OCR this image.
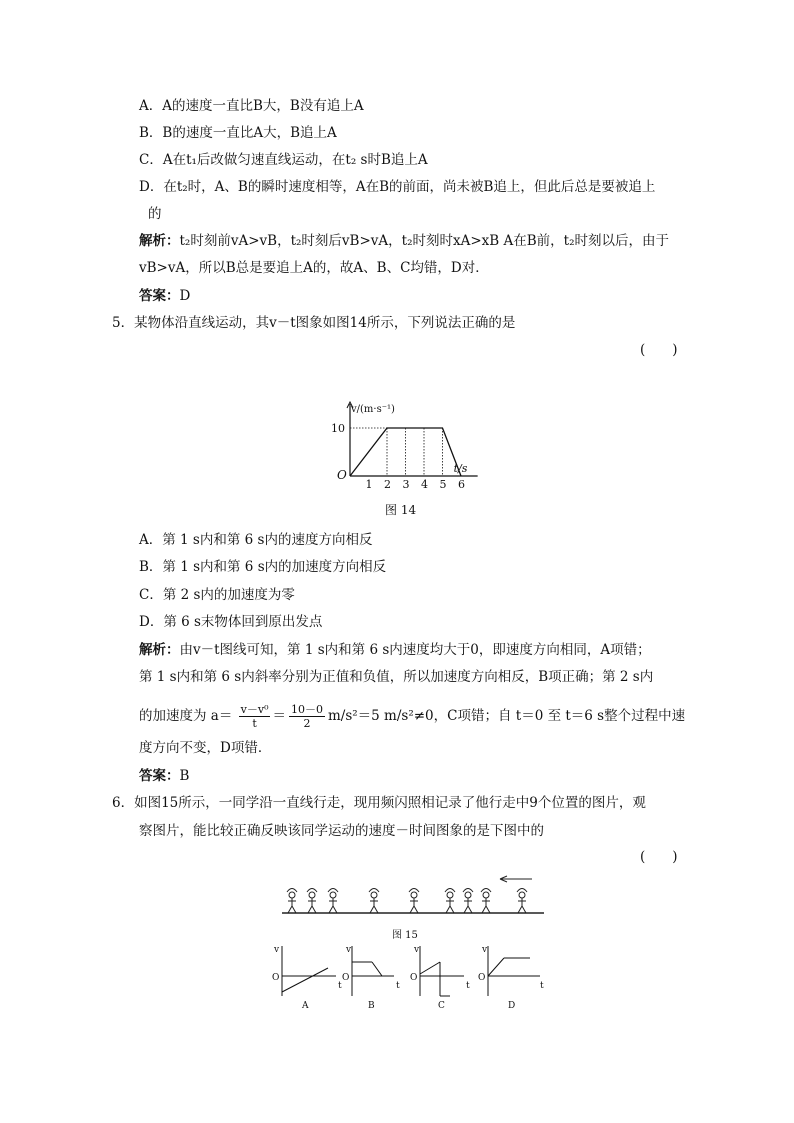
A．A的速度一直比B大，B没有追上A
B．B的速度一直比A大，B追上A
C．A在t₁后改做匀速直线运动，在t₂ s时B追上A
D．在t₂时，A、B的瞬时速度相等，A在B的前面，尚未被B追上，但此后总是要被追上
的
解析：t₂时刻前vA>vB，t₂时刻后vB>vA，t₂时刻时xA>xB A在B前，t₂时刻以后，由于
vB>vA，所以B总是要追上A的，故A、B、C均错，D对．
答案：D
5．某物体沿直线运动，其v－t图象如图14所示，下列说法正确的是
(　　)
1 2 3 4 5 6
10
O	t/s
v/(m·s⁻¹)
图 14
A．第 1 s内和第 6 s内的速度方向相反
B．第 1 s内和第 6 s内的加速度方向相反
C．第 2 s内的加速度为零
D．第 6 s末物体回到原出发点
解析：由v－t图线可知，第 1 s内和第 6 s内速度均大于0，即速度方向相同，A项错；
第 1 s内和第 6 s内斜率分别为正值和负值，所以加速度方向相反，B项正确；第 2 s内
的加速度为 $a= \frac{\text{v－v⁰}}{t} = \frac{10-0}{2} m/s^2=5$ m/s²≠0，C项错；自 t＝0 至 t＝6 s整个过程中速
度方向不变，D项错．
答案：B
6．如图15所示，一同学沿一直线行走，现用频闪照相记录了他行走中9个位置的图片，观
察图片，能比较正确反映该同学运动的速度－时间图象的是下图中的
(　　)
图 15
v
O
t
v
O
t
v
O
t
v
O
t
A	B	C	D
